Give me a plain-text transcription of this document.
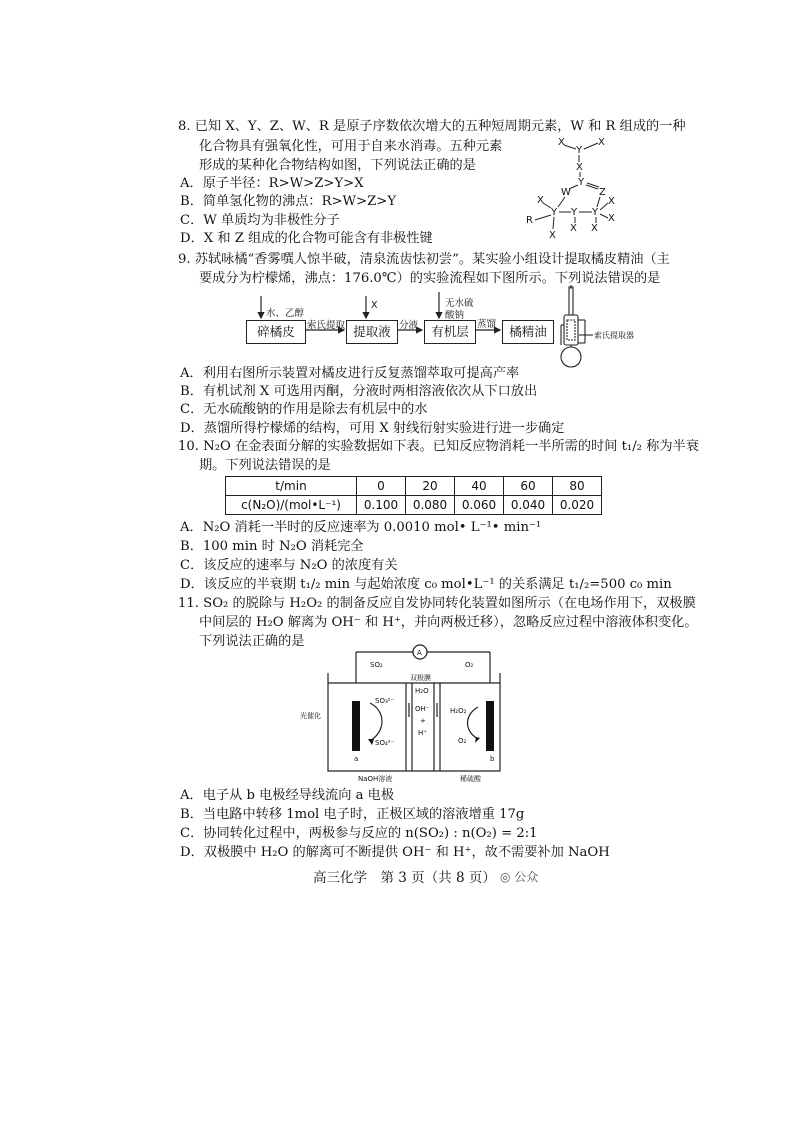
8. 已知 X、Y、Z、W、R 是原子序数依次增大的五种短周期元素，W 和 R 组成的一种
化合物具有强氧化性，可用于自来水消毒。五种元素
形成的某种化合物结构如图，下列说法正确的是
A．原子半径：R>W>Z>Y>X
B．简单氢化物的沸点：R>W>Z>Y
C．W 单质均为非极性分子
D．X 和 Z 组成的化合物可能含有非极性键
X	X
Y
X
Y
W	Z
X
Y Y Y
X
R	X
X
X X
9. 苏轼咏橘“香雾噀人惊半破，清泉流齿怯初尝”。某实验小组设计提取橘皮精油（主
要成分为柠檬烯，沸点：176.0℃）的实验流程如下图所示。下列说法错误的是
碎橘皮	提取液	有机层	橘精油
水、乙醇
X	无水硫
酸钠
索氏提取	分液	蒸馏
索氏提取器
A．利用右图所示装置对橘皮进行反复蒸馏萃取可提高产率
B．有机试剂 X 可选用丙酮，分液时两相溶液依次从下口放出
C．无水硫酸钠的作用是除去有机层中的水
D．蒸馏所得柠檬烯的结构，可用 X 射线衍射实验进行进一步确定
10. N₂O 在金表面分解的实验数据如下表。已知反应物消耗一半所需的时间 t₁/₂ 称为半衰
期。下列说法错误的是
t/min	0	20	40	60	80
c(N₂O)/(mol•L⁻¹)	0.100	0.080	0.060	0.040	0.020
A．N₂O 消耗一半时的反应速率为 0.0010 mol• L⁻¹• min⁻¹
B．100 min 时 N₂O 消耗完全
C．该反应的速率与 N₂O 的浓度有关
D．该反应的半衰期 t₁/₂ min 与起始浓度 c₀ mol•L⁻¹ 的关系满足 t₁/₂=500 c₀ min
11. SO₂ 的脱除与 H₂O₂ 的制备反应自发协同转化装置如图所示（在电场作用下，双极膜
中间层的 H₂O 解离为 OH⁻ 和 H⁺，并向两极迁移），忽略反应过程中溶液体积变化。
下列说法正确的是
A
SO₂
SO₃²⁻
SO₄²⁻
双极膜
H₂O
OH⁻
+
H⁺
O₂
H₂O₂
O₂
光催化
a	b
NaOH溶液	稀硫酸
A．电子从 b 电极经导线流向 a 电极
B．当电路中转移 1mol 电子时，正极区域的溶液增重 17g
C．协同转化过程中，两极参与反应的 n(SO₂) : n(O₂) = 2:1
D．双极膜中 H₂O 的解离可不断提供 OH⁻ 和 H⁺，故不需要补加 NaOH
高三化学　第 3 页（共 8 页） ◎ 公众
